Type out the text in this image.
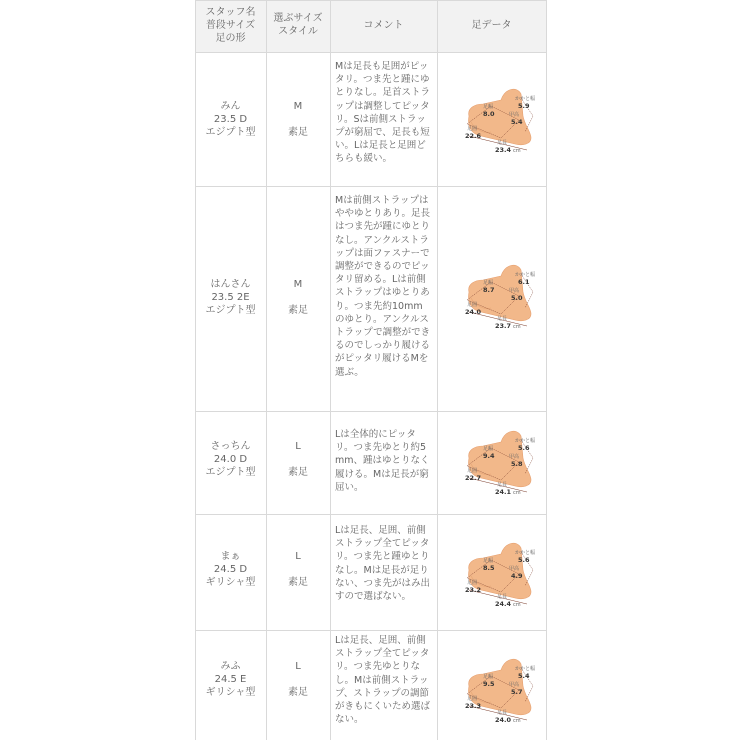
スタッフ名
普段サイズ
足の形
選ぶサイズ
スタイル
コメント	足データ
みん
23.5 D
エジプト型
M
素足
Mは足長も足囲がピッタリ。つま先と踵にゆとりなし。足首ストラップは調整してピッタリ。Sは前側ストラップが窮屈で、足長も短い。Lは足長と足囲どちらも緩い。
はんさん
23.5 2E
エジプト型
M
素足
Mは前側ストラップはややゆとりあり。足長はつま先が踵にゆとりなし。アンクルストラップは面ファスナーで調整ができるのでピッタリ留める。Lは前側ストラップはゆとりあり。つま先約10mmのゆとり。アンクルストラップで調整ができるのでしっかり履けるがピッタリ履けるMを選ぶ。
さっちん
24.0 D
エジプト型
L
素足
Lは全体的にピッタリ。つま先ゆとり約5mm、踵はゆとりなく履ける。Mは足長が窮屈い。
まぁ
24.5 D
ギリシャ型
L
素足
Lは足長、足囲、前側ストラップ全てピッタリ。つま先と踵ゆとりなし。Mは足長が足りない、つま先がはみ出すので選ばない。
みふ
24.5 E
ギリシャ型
L
素足
Lは足長、足囲、前側ストラップ全てピッタリ。つま先ゆとりなし。Mは前側ストラップ、ストラップの調節がきもにくいため選ばない。
足幅
8.0
かかと幅
5.9
甲高
5.4
足囲
22.6
足長
23.4 cm
足幅
8.7
かかと幅
6.1
甲高
5.0
足囲
24.0
足長
23.7 cm
足幅
9.4
かかと幅
5.6
甲高
5.8
足囲
22.7
足長
24.1 cm
足幅
8.5
かかと幅
5.6
甲高
4.9
足囲
23.2
足長
24.4 cm
足幅
9.5
かかと幅
5.4
甲高
5.7
足囲
23.3
足長
24.0 cm
